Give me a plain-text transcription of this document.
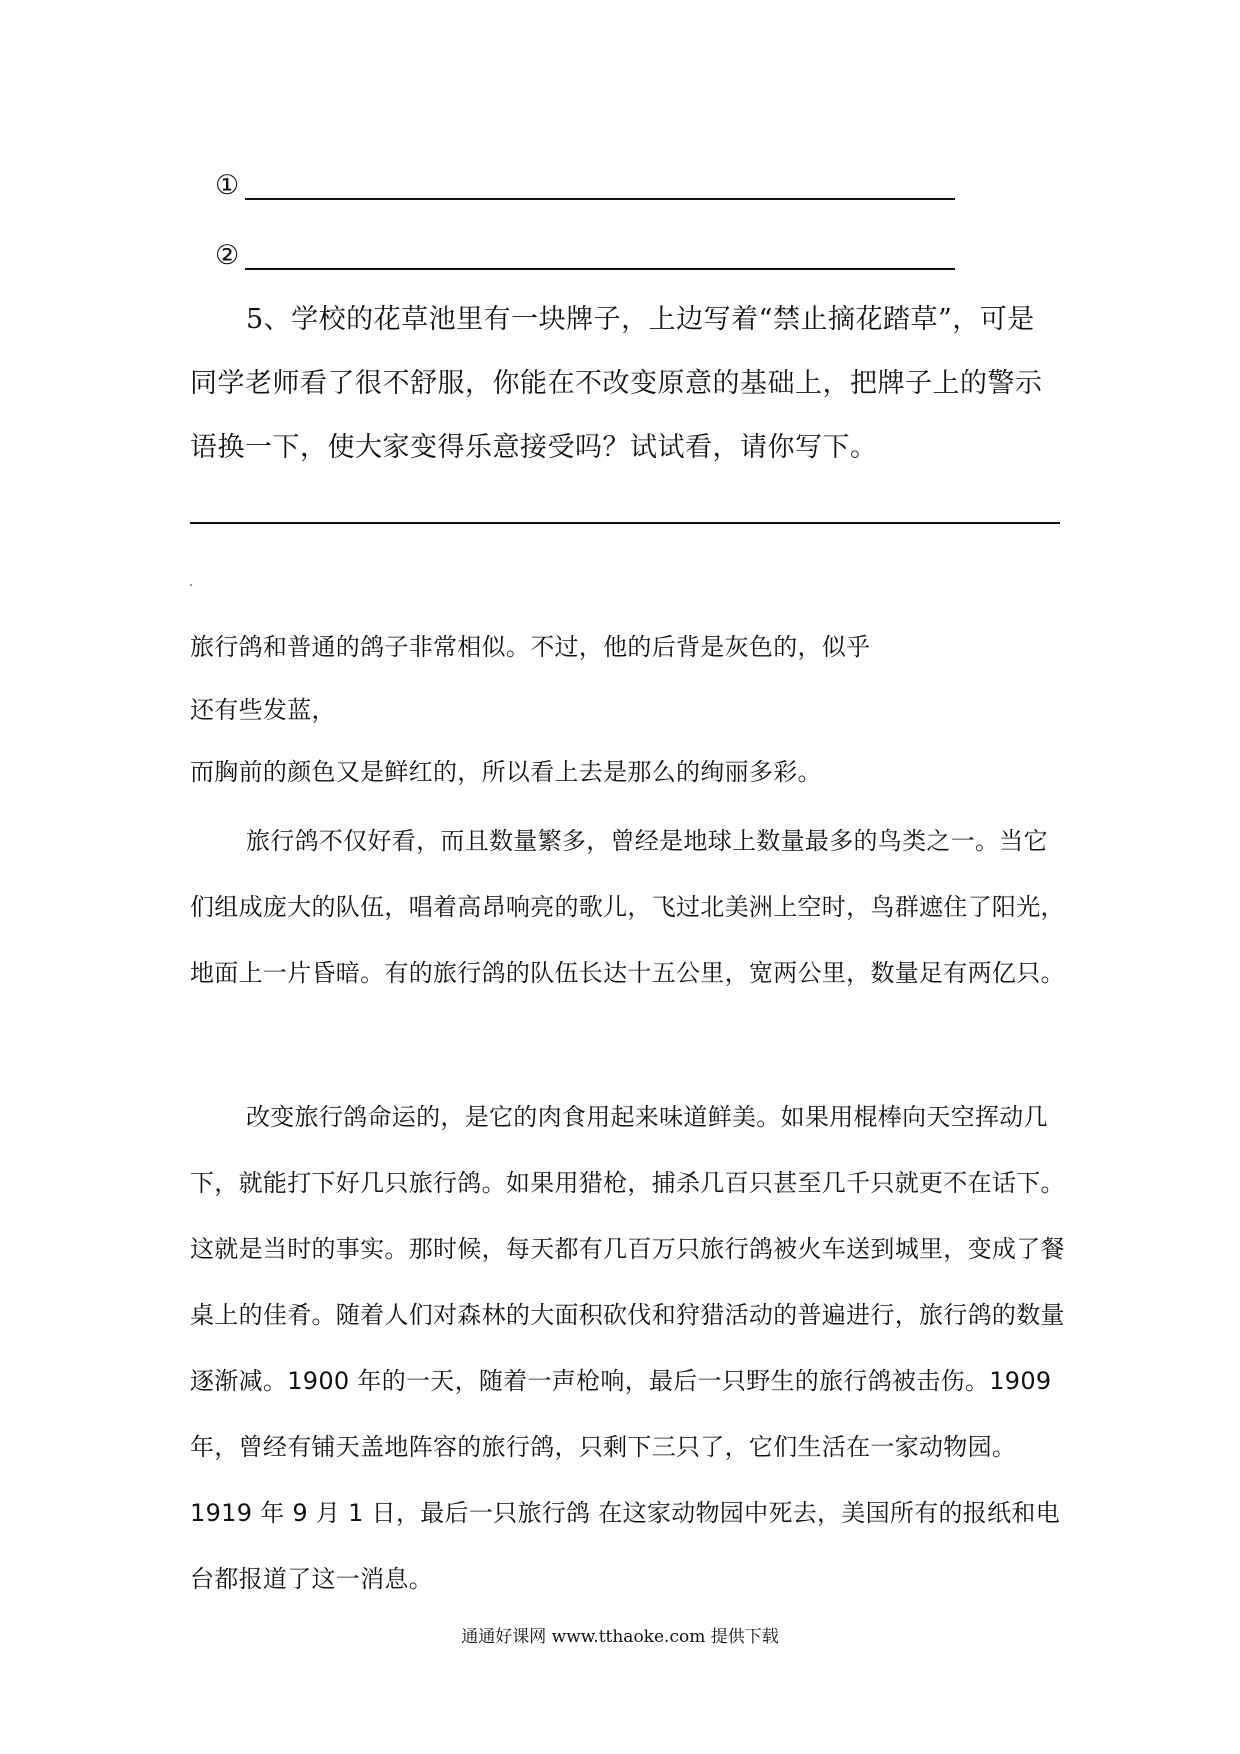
①
②

5、学校的花草池里有一块牌子，上边写着“禁止摘花踏草”，可是同学老师看了很不舒服，你能在不改变原意的基础上，把牌子上的警示语换一下，使大家变得乐意接受吗？试试看，请你写下。

旅行鸽和普通的鸽子非常相似。不过，他的后背是灰色的，似乎

还有些发蓝，

而胸前的颜色又是鲜红的，所以看上去是那么的绚丽多彩。

旅行鸽不仅好看，而且数量繁多，曾经是地球上数量最多的鸟类之一。当它们组成庞大的队伍，唱着高昂响亮的歌儿，飞过北美洲上空时，鸟群遮住了阳光，地面上一片昏暗。有的旅行鸽的队伍长达十五公里，宽两公里，数量足有两亿只。

改变旅行鸽命运的，是它的肉食用起来味道鲜美。如果用棍棒向天空挥动几下，就能打下好几只旅行鸽。如果用猎枪，捕杀几百只甚至几千只就更不在话下。这就是当时的事实。那时候，每天都有几百万只旅行鸽被火车送到城里，变成了餐桌上的佳肴。随着人们对森林的大面积砍伐和狩猎活动的普遍进行，旅行鸽的数量逐渐减。1900 年的一天，随着一声枪响，最后一只野生的旅行鸽被击伤。1909 年，曾经有铺天盖地阵容的旅行鸽，只剩下三只了，它们生活在一家动物园。1919 年 9 月 1 日，最后一只旅行鸽 在这家动物园中死去，美国所有的报纸和电台都报道了这一消息。

通通好课网 www.tthaoke.com 提供下载
